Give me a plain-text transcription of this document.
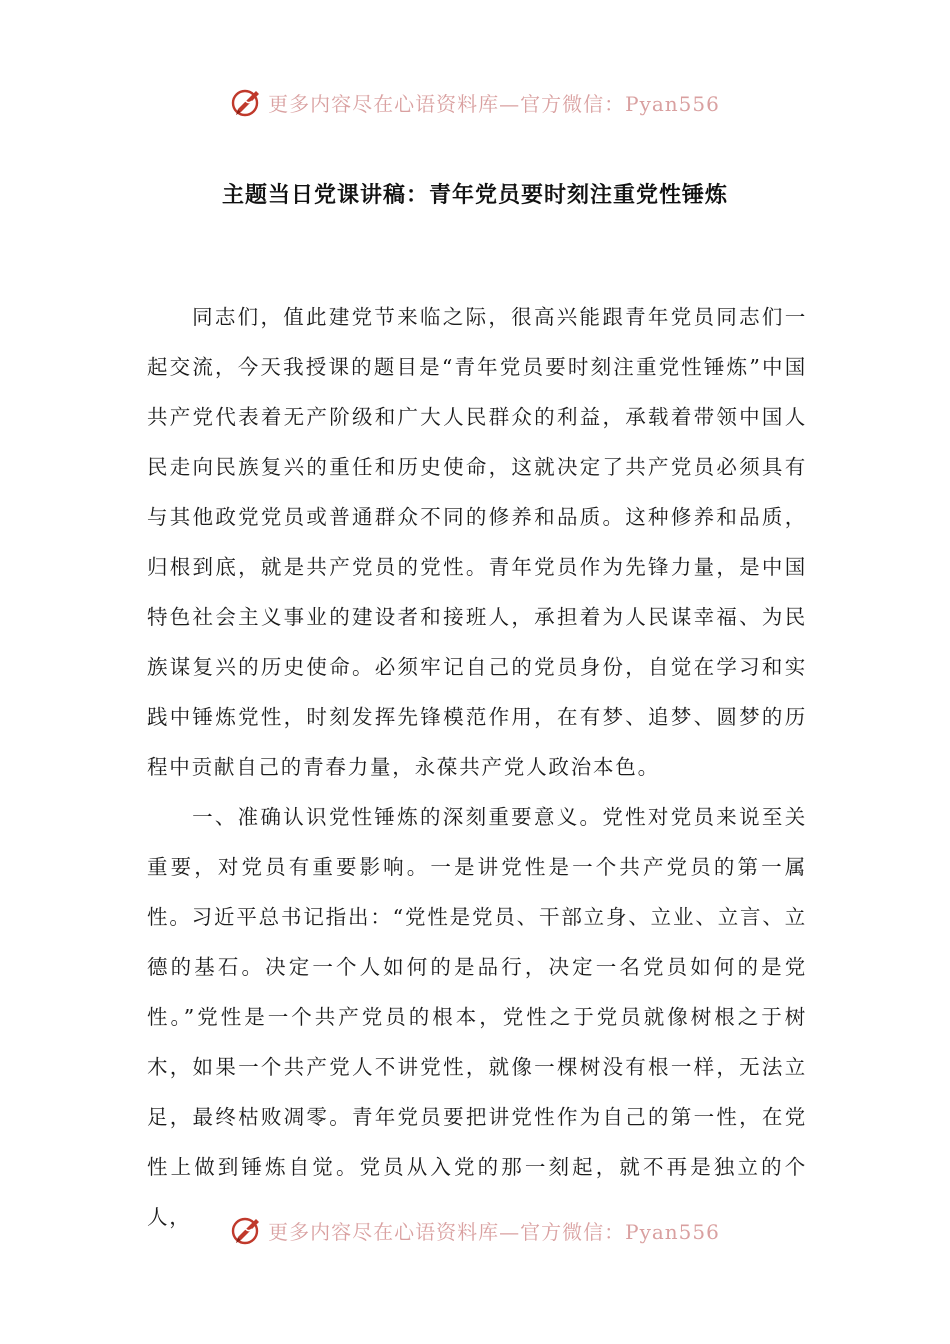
更多内容尽在心语资料库—官方微信：Pyan556
主题当日党课讲稿：青年党员要时刻注重党性锤炼

同志们，值此建党节来临之际，很高兴能跟青年党员同志们一起交流，今天我授课的题目是“青年党员要时刻注重党性锤炼”中国共产党代表着无产阶级和广大人民群众的利益，承载着带领中国人民走向民族复兴的重任和历史使命，这就决定了共产党员必须具有与其他政党党员或普通群众不同的修养和品质。这种修养和品质，归根到底，就是共产党员的党性。青年党员作为先锋力量，是中国特色社会主义事业的建设者和接班人，承担着为人民谋幸福、为民族谋复兴的历史使命。必须牢记自己的党员身份，自觉在学习和实践中锤炼党性，时刻发挥先锋模范作用，在有梦、追梦、圆梦的历程中贡献自己的青春力量，永葆共产党人政治本色。

一、准确认识党性锤炼的深刻重要意义。党性对党员来说至关重要，对党员有重要影响。一是讲党性是一个共产党员的第一属性。习近平总书记指出：“党性是党员、干部立身、立业、立言、立德的基石。决定一个人如何的是品行，决定一名党员如何的是党性。”党性是一个共产党员的根本，党性之于党员就像树根之于树木，如果一个共产党人不讲党性，就像一棵树没有根一样，无法立足，最终枯败凋零。青年党员要把讲党性作为自己的第一性，在党性上做到锤炼自觉。党员从入党的那一刻起，就不再是独立的个人，

更多内容尽在心语资料库—官方微信：Pyan556
